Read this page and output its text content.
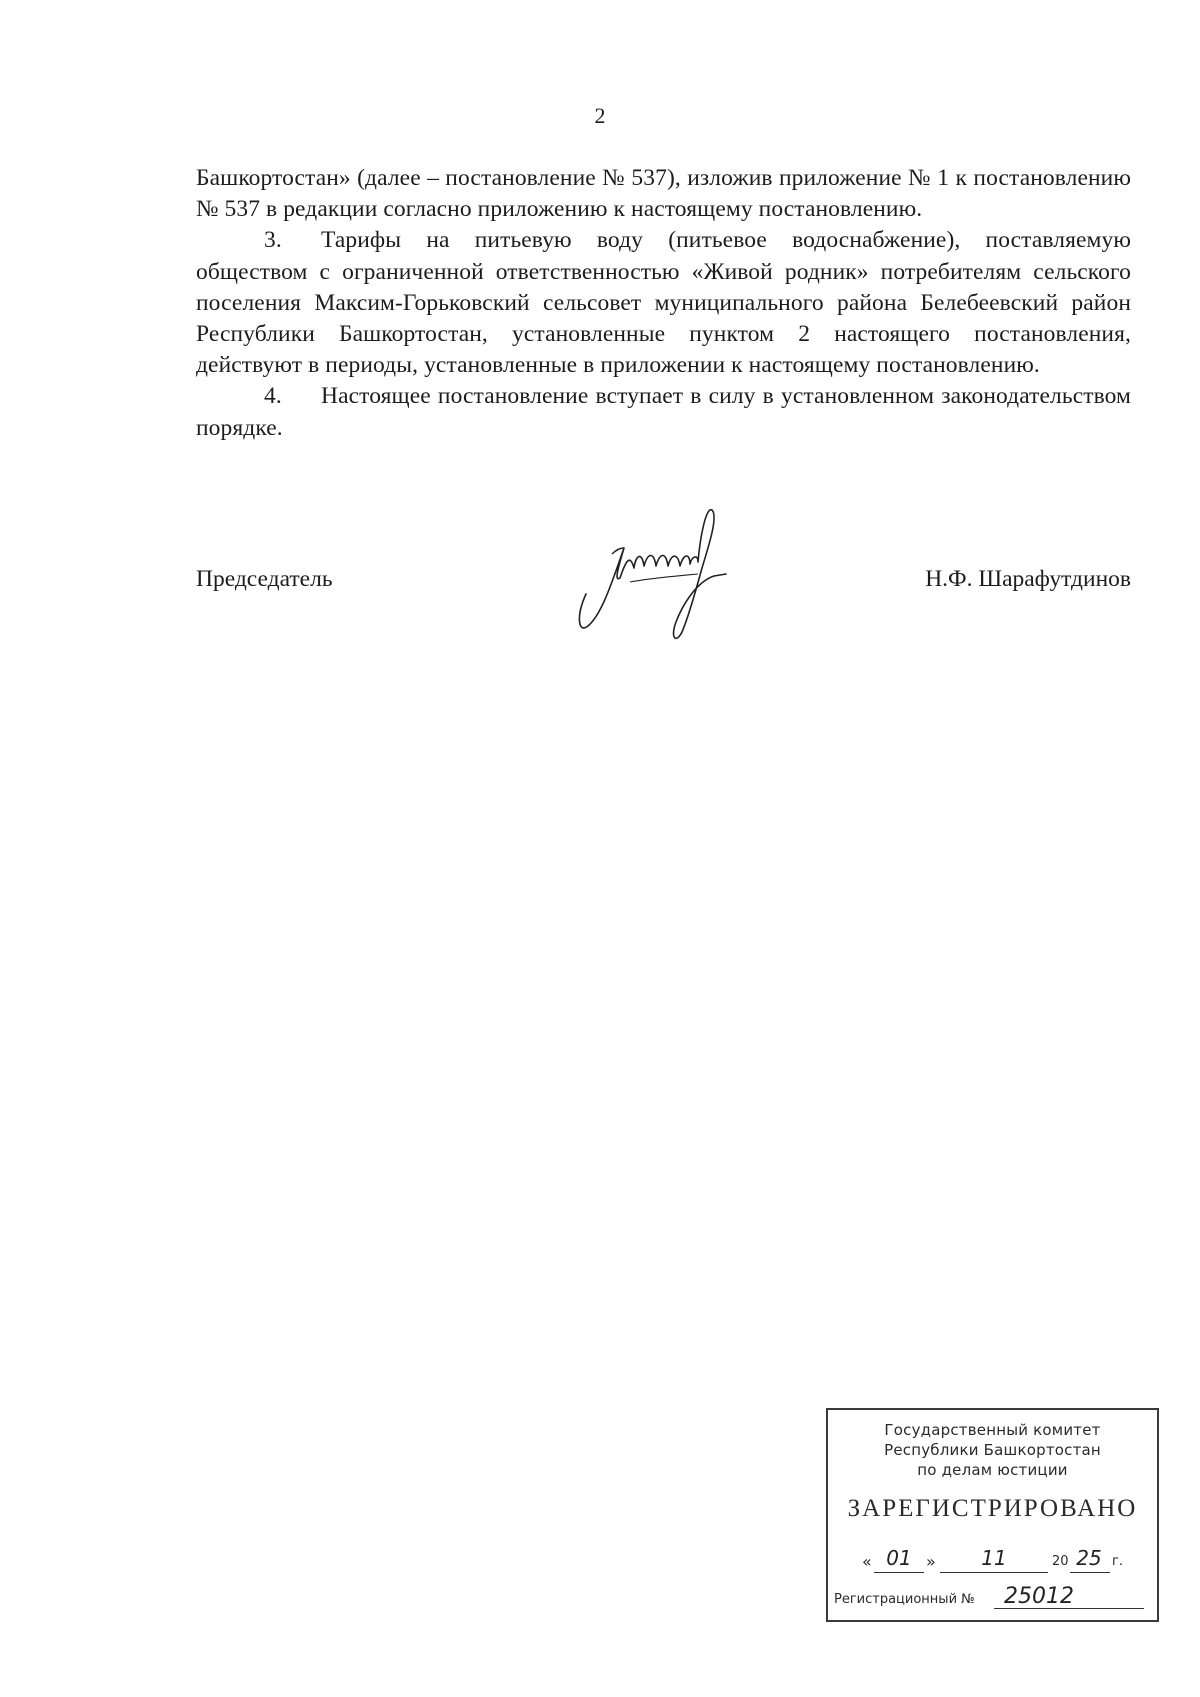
2

Башкортостан» (далее – постановление № 537), изложив приложение № 1 к постановлению № 537 в редакции согласно приложению к настоящему постановлению.

3. Тарифы на питьевую воду (питьевое водоснабжение), поставляемую обществом с ограниченной ответственностью «Живой родник» потребителям сельского поселения Максим-Горьковский сельсовет муниципального района Белебеевский район Республики Башкортостан, установленные пунктом 2 настоящего постановления, действуют в периоды, установленные в приложении к настоящему постановлению.

4. Настоящее постановление вступает в силу в установленном законодательством порядке.

Председатель	Н.Ф. Шарафутдинов
Государственный комитет
Республики Башкортостан
по делам юстиции
ЗАРЕГИСТРИРОВАНО
« 01 »	11	20 25 г.
Регистрационный № 25012
